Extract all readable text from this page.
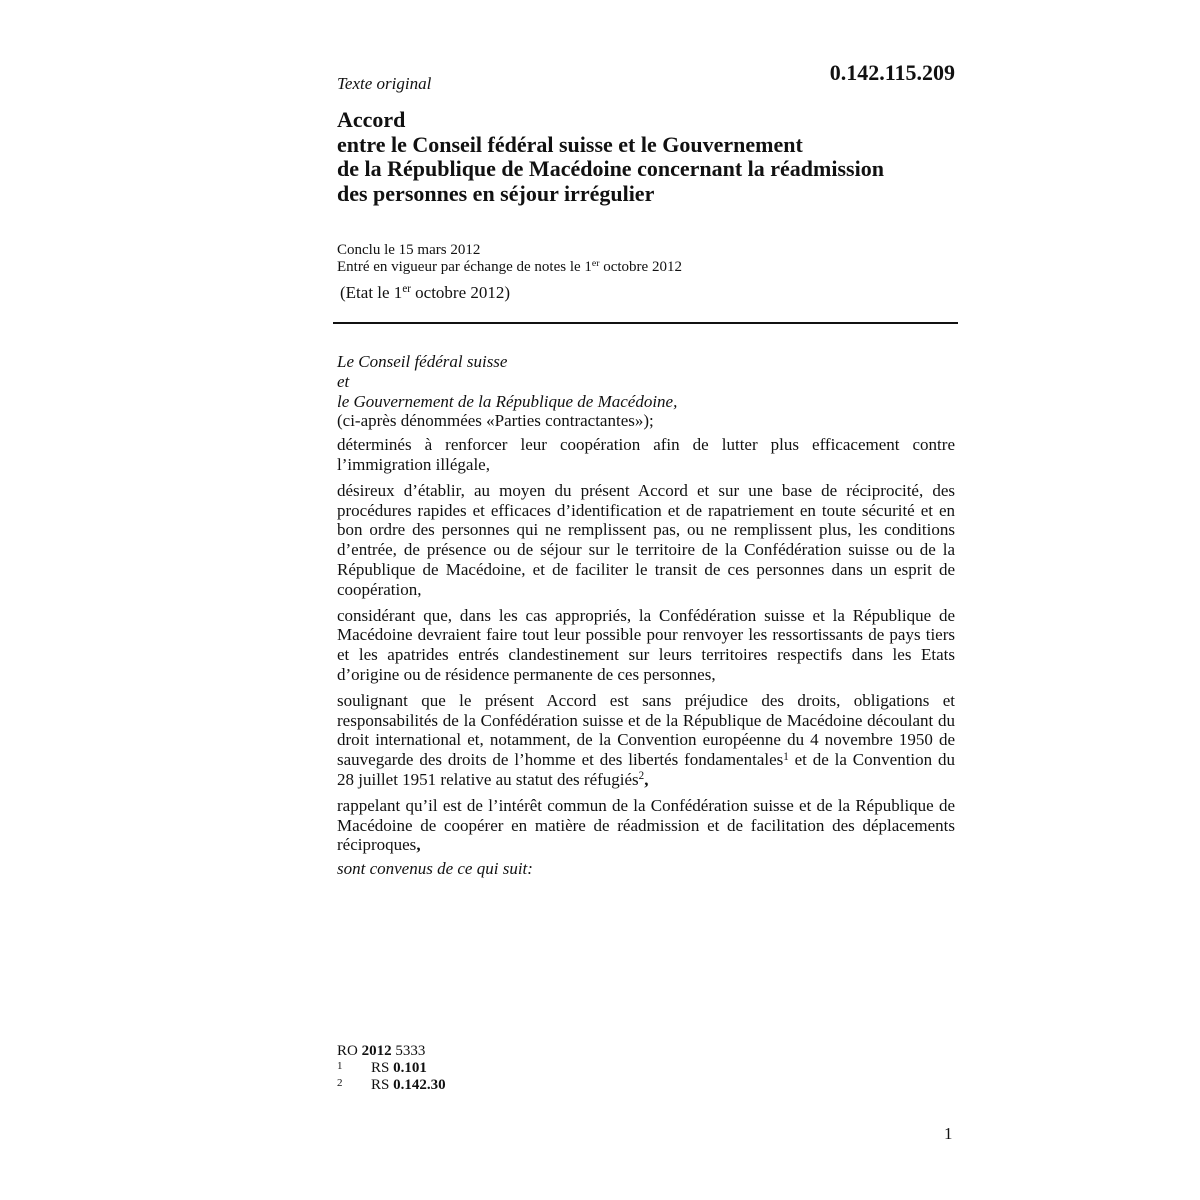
Texte original	0.142.115.209
Accord
entre le Conseil fédéral suisse et le Gouvernement
de la République de Macédoine concernant la réadmission
des personnes en séjour irrégulier
Conclu le 15 mars 2012
Entré en vigueur par échange de notes le 1er octobre 2012
(Etat le 1er octobre 2012)

Le Conseil fédéral suisse

et

le Gouvernement de la République de Macédoine,

(ci-après dénommées «Parties contractantes»);

déterminés à renforcer leur coopération afin de lutter plus efficacement contre l’immigration illégale,

désireux d’établir, au moyen du présent Accord et sur une base de réciprocité, des procédures rapides et efficaces d’identification et de rapatriement en toute sécurité et en bon ordre des personnes qui ne remplissent pas, ou ne remplissent plus, les conditions d’entrée, de présence ou de séjour sur le territoire de la Confédération suisse ou de la République de Macédoine, et de faciliter le transit de ces personnes dans un esprit de coopération,

considérant que, dans les cas appropriés, la Confédération suisse et la République de Macédoine devraient faire tout leur possible pour renvoyer les ressortissants de pays tiers et les apatrides entrés clandestinement sur leurs territoires respectifs dans les Etats d’origine ou de résidence permanente de ces personnes,

soulignant que le présent Accord est sans préjudice des droits, obligations et responsabilités de la Confédération suisse et de la République de Macédoine découlant du droit international et, notamment, de la Convention européenne du 4 novembre 1950 de sauvegarde des droits de l’homme et des libertés fondamentales$^1$ et de la Convention du 28 juillet 1951 relative au statut des réfugiés$^2$,

rappelant qu’il est de l’intérêt commun de la Confédération suisse et de la République de Macédoine de coopérer en matière de réadmission et de facilitation des déplacements réciproques,

sont convenus de ce qui suit:

RO 2012 5333
1	RS 0.101
2	RS 0.142.30
1
